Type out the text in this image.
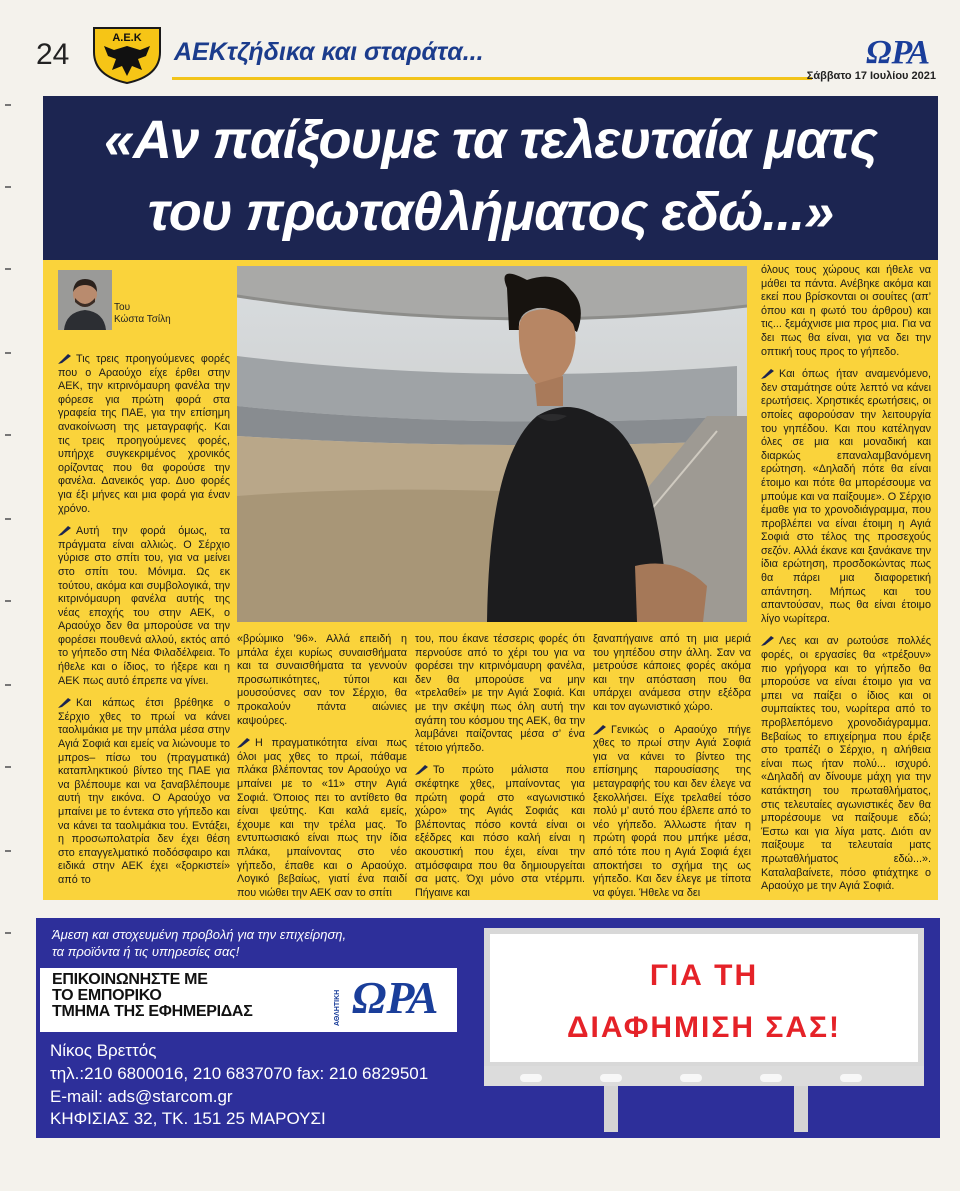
24	Α.Ε.Κ ΑΕΚτζήδικα και σταράτα...	ΩΡΑ
Σάββατο 17 Ιουλίου 2021
«Αν παίξουμε τα τελευταία ματς
του πρωταθλήματος εδώ...»
Του
Κώστα Τσίλη

Τις τρεις προηγούμενες φορές που ο Αραούχο είχε έρθει στην ΑΕΚ, την κιτρινόμαυρη φανέλα την φόρεσε για πρώτη φορά στα γραφεία της ΠΑΕ, για την επίσημη ανακοίνωση της μεταγραφής. Και τις τρεις προηγούμενες φορές, υπήρχε συγκεκριμένος χρονικός ορίζοντας που θα φορούσε την φανέλα. Δανεικός γαρ. Δυο φορές για έξι μήνες και μια φορά για έναν χρόνο.

Αυτή την φορά όμως, τα πράγματα είναι αλλιώς. Ο Σέρχιο γύρισε στο σπίτι του, για να μείνει στο σπίτι του. Μόνιμα. Ως εκ τούτου, ακόμα και συμβολογικά, την κιτρινόμαυρη φανέλα αυτής της νέας εποχής του στην ΑΕΚ, ο Αραούχο δεν θα μπορούσε να την φορέσει πουθενά αλλού, εκτός από το γήπεδο στη Νέα Φιλαδέλφεια. Το ήθελε και ο ίδιος, το ήξερε και η ΑΕΚ πως αυτό έπρεπε να γίνει.

Και κάπως έτσι βρέθηκε ο Σέρχιο χθες το πρωί να κάνει ταολιμάκια με την μπάλα μέσα στην Αγιά Σοφιά και εμείς να λιώνουμε το μπροs– πίσω του (πραγματικά) καταπληκτικού βίντεο της ΠΑΕ για να βλέπουμε και να ξαναβλέπουμε αυτή την εικόνα. Ο Αραούχο να μπαίνει με το έντεκα στο γήπεδο και να κάνει τα ταολιμάκια του. Εντάξει, η προσωπολατρία δεν έχει θέση στο επαγγελματικό ποδόσφαιρο και ειδικά στην ΑΕΚ έχει «ξορκιστεί» από το

«βρώμικο ’96». Αλλά επειδή η μπάλα έχει κυρίως συναισθήματα και τα συναισθήματα τα γεννούν προσωπικότητες, τύποι και μουσούσνες σαν τον Σέρχιο, θα προκαλούν πάντα αιώνιες καψούρες.

Η πραγματικότητα είναι πως όλοι μας χθες το πρωί, πάθαμε πλάκα βλέποντας τον Αραούχο να μπαίνει με το «11» στην Αγιά Σοφιά. Όποιος πει το αντίθετο θα είναι ψεύτης. Και καλά εμείς, έχουμε και την τρέλα μας. Το εντυπωσιακό είναι πως την ίδια πλάκα, μπαίνοντας στο νέο γήπεδο, έπαθε και ο Αραούχο. Λογικό βεβαίως, γιατί ένα παιδί που νιώθει την ΑΕΚ σαν το σπίτι

του, που έκανε τέσσερις φορές ότι περνούσε από το χέρι του για να φορέσει την κιτρινόμαυρη φανέλα, δεν θα μπορούσε να μην «τρελαθεί» με την Αγιά Σοφιά. Και με την σκέψη πως όλη αυτή την αγάπη του κόσμου της ΑΕΚ, θα την λαμβάνει παίζοντας μέσα σ’ ένα τέτοιο γήπεδο.

Το πρώτο μάλιστα που σκέφτηκε χθες, μπαίνοντας για πρώτη φορά στο «αγωνιστικό χώρο» της Αγιάς Σοφιάς και βλέποντας πόσο κοντά είναι οι εξέδρες και πόσο καλή είναι η ακουστική που έχει, είναι την ατμόσφαιρα που θα δημιουργείται σα ματς. Όχι μόνο στα ντέρμπι. Πήγαινε και

ξαναπήγαινε από τη μια μεριά του γηπέδου στην άλλη. Σαν να μετρούσε κάποιες φορές ακόμα και την απόσταση που θα υπάρχει ανάμεσα στην εξέδρα και τον αγωνιστικό χώρο.

Γενικώς ο Αραούχο πήγε χθες το πρωί στην Αγιά Σοφιά για να κάνει το βίντεο της επίσημης παρουσίασης της μεταγραφής του και δεν έλεγε να ξεκολλήσει. Είχε τρελαθεί τόσο πολύ μ’ αυτό που έβλεπε από το νέο γήπεδο. Άλλωστε ήταν η πρώτη φορά που μπήκε μέσα, από τότε που η Αγιά Σοφιά έχει αποκτήσει το σχήμα της ως γήπεδο. Και δεν έλεγε με τίποτα να φύγει. Ήθελε να δει

όλους τους χώρους και ήθελε να μάθει τα πάντα. Ανέβηκε ακόμα και εκεί που βρίσκονται οι σουίτες (απ’ όπου και η φωτό του άρθρου) και τις... ξεμάχνισε μια προς μια. Για να δει πως θα είναι, για να δει την οπτική τους προς το γήπεδο.

Και όπως ήταν αναμενόμενο, δεν σταμάτησε ούτε λεπτό να κάνει ερωτήσεις. Χρηστικές ερωτήσεις, οι οποίες αφορούσαν την λειτουργία του γηπέδου. Και που κατέληγαν όλες σε μια και μοναδική και διαρκώς επαναλαμβανόμενη ερώτηση. «Δηλαδή πότε θα είναι έτοιμο και πότε θα μπορέσουμε να μπούμε και να παίξουμε». Ο Σέρχιο έμαθε για το χρονοδιάγραμμα, που προβλέπει να είναι έτοιμη η Αγιά Σοφιά στο τέλος της προσεχούς σεζόν. Αλλά έκανε και ξανάκανε την ίδια ερώτηση, προσδοκώντας πως θα πάρει μια διαφορετική απάντηση. Μήπως και του απαντούσαν, πως θα είναι έτοιμο λίγο νωρίτερα.

Λες και αν ρωτούσε πολλές φορές, οι εργασίες θα «τρέξουν» πιο γρήγορα και το γήπεδο θα μπορούσε να είναι έτοιμο για να μπει να παίξει ο ίδιος και οι συμπαίκτες του, νωρίτερα από το προβλεπόμενο χρονοδιάγραμμα. Βεβαίως το επιχείρημα που έριξε στο τραπέζι ο Σέρχιο, η αλήθεια είναι πως ήταν πολύ... ισχυρό. «Δηλαδή αν δίνουμε μάχη για την κατάκτηση του πρωταθλήματος, στις τελευταίες αγωνιστικές δεν θα μπορέσουμε να παίξουμε εδώ; Έστω και για λίγα ματς. Διότι αν παίξουμε τα τελευταία ματς πρωταθλήματος εδώ...». Καταλαβαίνετε, πόσο φτιάχτηκε ο Αραούχο με την Αγιά Σοφιά.

Άμεση και στοχευμένη προβολή για την επιχείρηση,
τα προϊόντα ή τις υπηρεσίες σας!
ΕΠΙΚΟΙΝΩΝΗΣΤΕ ΜΕ
ΤΟ ΕΜΠΟΡΙΚΟ
ΤΜΗΜΑ ΤΗΣ ΕΦΗΜΕΡΙΔΑΣ	ΑΘΛΗΤΙΚΗ ΩΡΑ
Νίκος Βρεττός
τηλ.:210 6800016, 210 6837070 fax: 210 6829501
E-mail: ads@starcom.gr
ΚΗΦΙΣΙΑΣ 32, ΤΚ. 151 25 ΜΑΡΟΥΣΙ
ΓΙΑ ΤΗ
ΔΙΑΦΗΜΙΣΗ ΣΑΣ!
